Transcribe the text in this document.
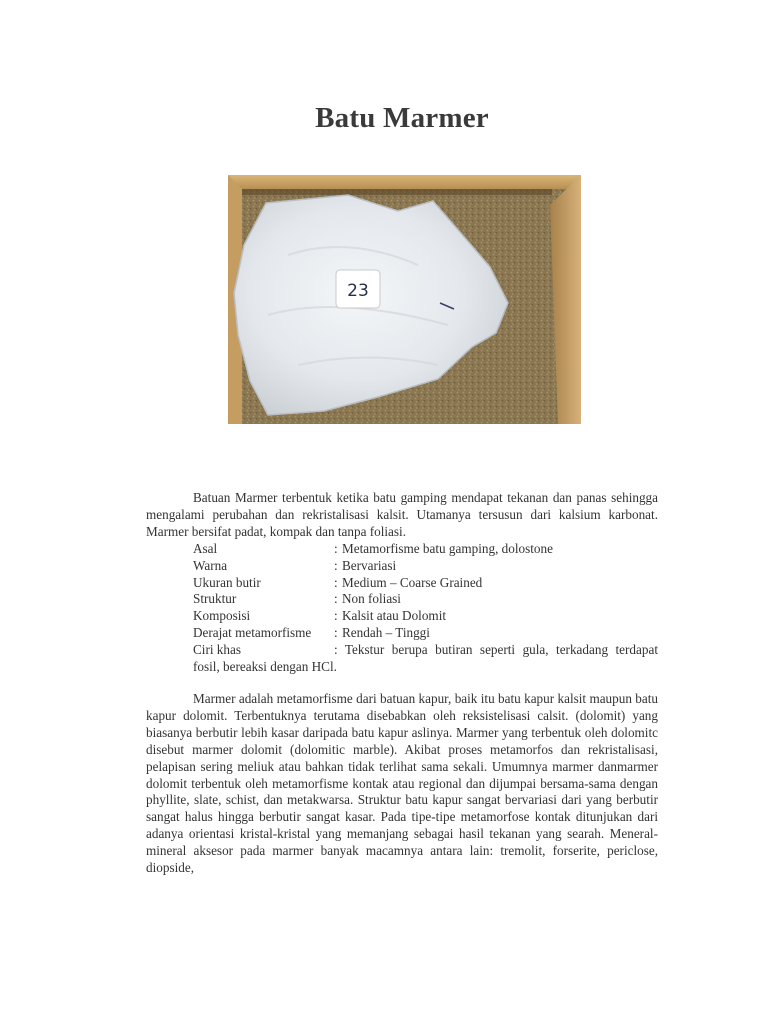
Batu Marmer
23
Batuan Marmer terbentuk ketika batu gamping mendapat tekanan dan panas sehingga mengalami perubahan dan rekristalisasi kalsit. Utamanya tersusun dari kalsium karbonat. Marmer bersifat padat, kompak dan tanpa foliasi.
Asal	: Metamorfisme batu gamping, dolostone
Warna	: Bervariasi
Ukuran butir	: Medium – Coarse Grained
Struktur	: Non foliasi
Komposisi	: Kalsit atau Dolomit
Derajat metamorfisme	: Rendah – Tinggi
Ciri khas	: Tekstur berupa butiran seperti gula, terkadang terdapat fosil, bereaksi dengan HCl.
Marmer adalah metamorfisme dari batuan kapur, baik itu batu kapur kalsit maupun batu kapur dolomit. Terbentuknya terutama disebabkan oleh reksistelisasi calsit. (dolomit) yang biasanya berbutir lebih kasar daripada batu kapur aslinya. Marmer yang terbentuk oleh dolomitc disebut marmer dolomit (dolomitic marble). Akibat proses metamorfos dan rekristalisasi, pelapisan sering meliuk atau bahkan tidak terlihat sama sekali. Umumnya marmer danmarmer dolomit terbentuk oleh metamorfisme kontak atau regional dan dijumpai bersama-sama dengan phyllite, slate, schist, dan metakwarsa. Struktur batu kapur sangat bervariasi dari yang berbutir sangat halus hingga berbutir sangat kasar. Pada tipe-tipe metamorfose kontak ditunjukan dari adanya orientasi kristal-kristal yang memanjang sebagai hasil tekanan yang searah. Meneral-mineral aksesor pada marmer banyak macamnya antara lain: tremolit, forserite, periclose, diopside,
